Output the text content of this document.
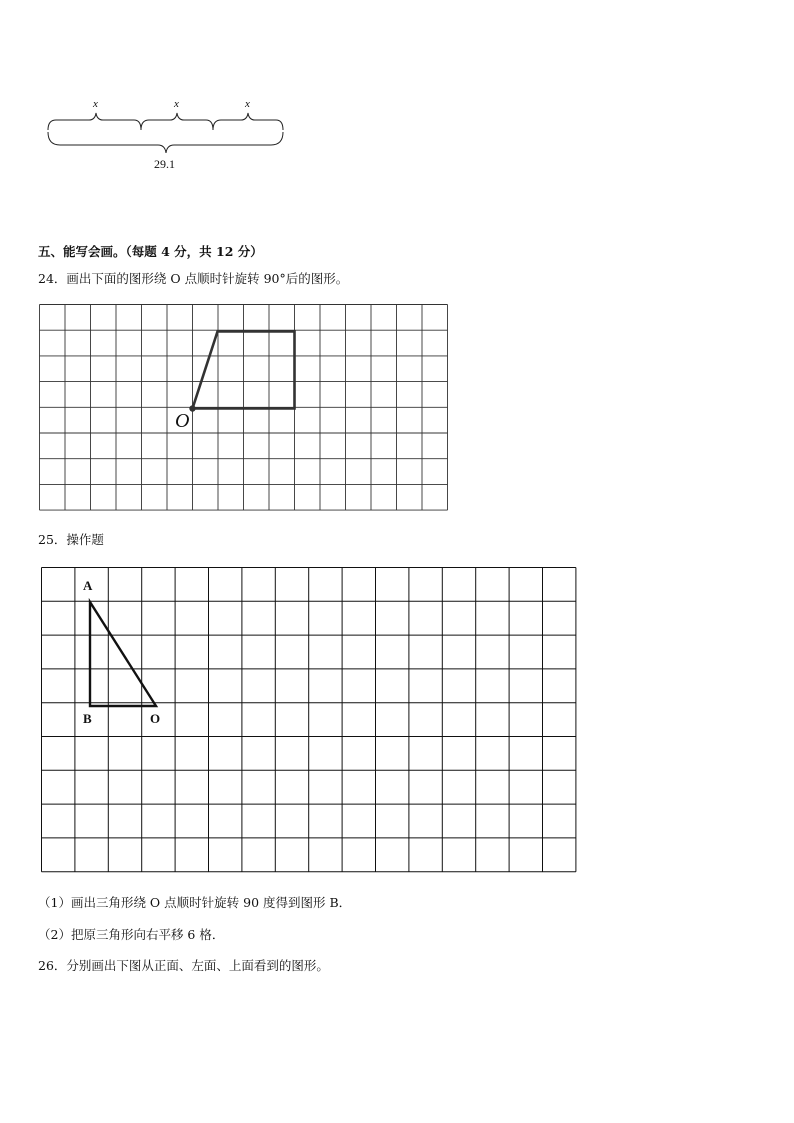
x	x	x
29.1
五、能写会画。（每题 4 分，共 12 分）
24．画出下面的图形绕 O 点顺时针旋转 90°后的图形。
O
25．操作题
A
B	O
（1）画出三角形绕 O 点顺时针旋转 90 度得到图形 B．
（2）把原三角形向右平移 6 格．
26．分别画出下图从正面、左面、上面看到的图形。
